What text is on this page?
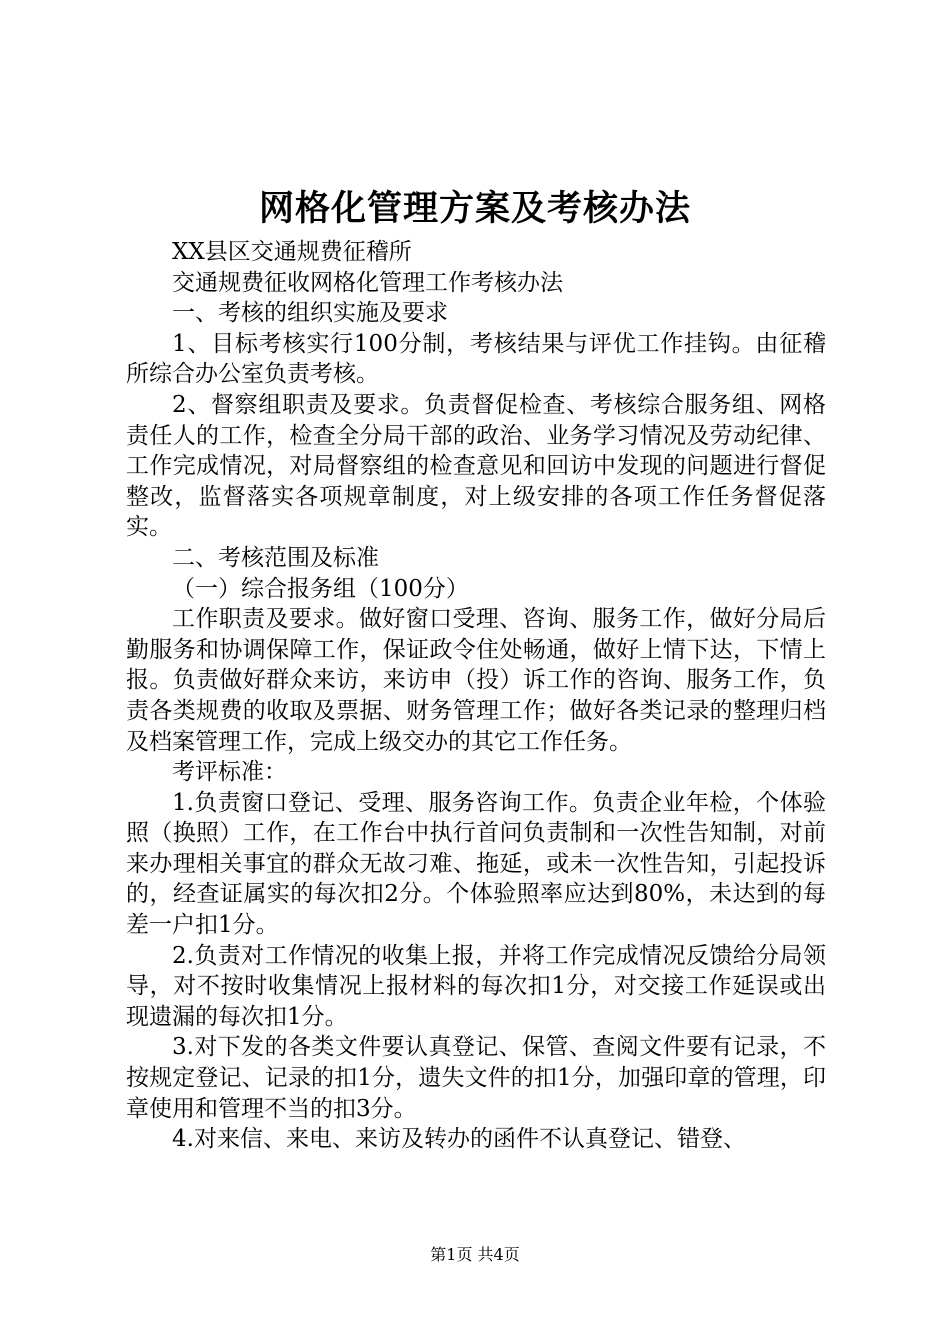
网格化管理方案及考核办法

XX县区交通规费征稽所

交通规费征收网格化管理工作考核办法

一、考核的组织实施及要求

1、目标考核实行100分制，考核结果与评优工作挂钩。由征稽所综合办公室负责考核。

2、督察组职责及要求。负责督促检查、考核综合服务组、网格责任人的工作，检查全分局干部的政治、业务学习情况及劳动纪律、工作完成情况，对局督察组的检查意见和回访中发现的问题进行督促整改，监督落实各项规章制度，对上级安排的各项工作任务督促落实。

二、考核范围及标准

（一）综合报务组（100分）

工作职责及要求。做好窗口受理、咨询、服务工作，做好分局后勤服务和协调保障工作，保证政令住处畅通，做好上情下达，下情上报。负责做好群众来访，来访申（投）诉工作的咨询、服务工作，负责各类规费的收取及票据、财务管理工作；做好各类记录的整理归档及档案管理工作，完成上级交办的其它工作任务。

考评标准：

1.负责窗口登记、受理、服务咨询工作。负责企业年检，个体验照（换照）工作，在工作台中执行首问负责制和一次性告知制，对前来办理相关事宜的群众无故刁难、拖延，或未一次性告知，引起投诉的，经查证属实的每次扣2分。个体验照率应达到80%，未达到的每差一户扣1分。

2.负责对工作情况的收集上报，并将工作完成情况反馈给分局领导，对不按时收集情况上报材料的每次扣1分，对交接工作延误或出现遗漏的每次扣1分。

3.对下发的各类文件要认真登记、保管、查阅文件要有记录，不按规定登记、记录的扣1分，遗失文件的扣1分，加强印章的管理，印章使用和管理不当的扣3分。

4.对来信、来电、来访及转办的函件不认真登记、错登、

第1页 共4页
